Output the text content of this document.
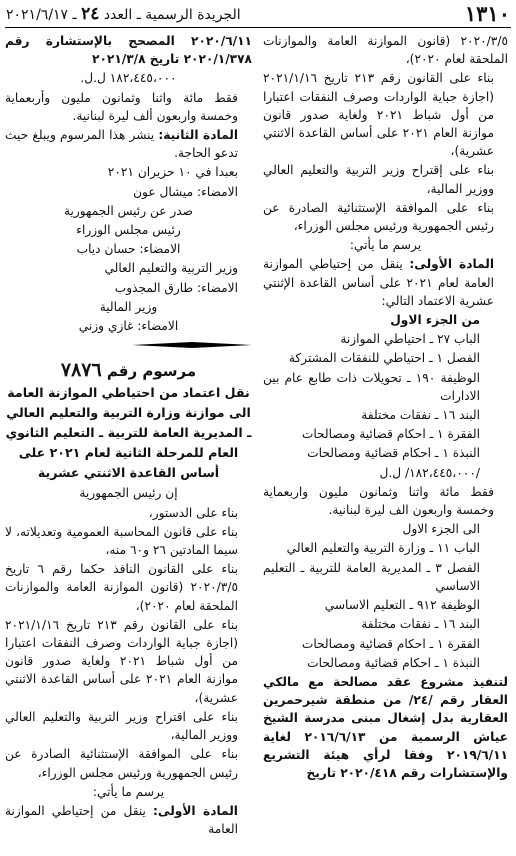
١٣١٠
الجريدة الرسمية ـ العدد ٢٤ ـ ٢٠٢١/٦/١٧

٢٠٢٠/٣/٥ (قانون الموازنة العامة والموازنات الملحقة لعام ٢٠٢٠)،

بناء على القانون رقم ٢١٣ تاريخ ٢٠٢١/١/١٦ (اجازة جباية الواردات وصرف النفقات اعتبارا من أول شباط ٢٠٢١ ولغاية صدور قانون موازنة العام ٢٠٢١ على أساس القاعدة الاثنتي عشرية)،

بناء على إقتراح وزير التربية والتعليم العالي ووزير المالية،

بناء على الموافقة الإستثنائية الصادرة عن رئيس الجمهورية ورئيس مجلس الوزراء،

يرسم ما يأتي:

المادة الأولى: ينقل من إحتياطي الموازنة العامة لعام ٢٠٢١ على أساس القاعدة الإثنتي عشرية الاعتماد التالي:

من الجزء الاول

الباب ٢٧ ـ احتياطي الموازنة

الفصل ١ ـ احتياطي للنفقات المشتركة

الوظيفة ١٩٠ ـ تحويلات ذات طابع عام بين الادارات

البند ١٦ ـ نفقات مختلفة

الفقرة ١ ـ احكام قضائية ومصالحات

النبذة ١ ـ احكام قضائية ومصالحات

/١٨٢،٤٤٥،٠٠٠/ ل.ل

فقط مائة واثنا وثمانون مليون واربعماية وخمسة واربعون الف ليرة لبنانية.

الى الجزء الاول

الباب ١١ ـ وزارة التربية والتعليم العالي

الفصل ٣ ـ المديرية العامة للتربية ـ التعليم الاساسي

الوظيفة ٩١٢ ـ التعليم الاساسي

البند ١٦ ـ نفقات مختلفة

الفقرة ١ ـ احكام قضائية ومصالحات

النبذة ١ ـ احكام قضائية ومصالحات

لتنفيذ مشروع عقد مصالحة مع مالكي العقار رقم /٢٤/ من منطقة شيرحمرين العقارية بدل إشغال مبنى مدرسة الشيخ عياش الرسمية من ٢٠١٦/٦/١٣ لغاية ٢٠١٩/٦/١١ وفقا لرأي هيئة التشريع والإستشارات رقم ٢٠٢٠/٤١٨ تاريخ

٢٠٢٠/٦/١١ المصحح بالإستشارة رقم ٢٠٢٠/١/٣٧٨ تاريخ ٢٠٢١/٣/٨

١٨٢،٤٤٥،٠٠٠ ل.ل.

فقط مائة واثنا وثمانون مليون وأربعماية وخمسة واربعون ألف ليرة لبنانية.

المادة الثانية: ينشر هذا المرسوم ويبلغ حيث تدعو الحاجة.

بعبدا في ١٠ حزيران ٢٠٢١

الامضاء: ميشال عون

صدر عن رئيس الجمهورية

رئيس مجلس الوزراء

الامضاء: حسان دياب

وزير التربية والتعليم العالي

الامضاء: طارق المجذوب

وزير المالية

الامضاء: غازي وزني

مرسوم رقم ٧٨٧٦

نقل اعتماد من احتياطي الموازنة العامة الى موازنة وزارة التربية والتعليم العالي ـ المديرية العامة للتربية ـ التعليم الثانوي العام للمرحلة الثانية لعام ٢٠٢١ على أساس القاعدة الاثنتي عشرية

إن رئيس الجمهورية

بناء على الدستور،

بناء على قانون المحاسبة العمومية وتعديلاته، لا سيما المادتين ٢٦ و٦٠ منه،

بناء على القانون النافذ حكما رقم ٦ تاريخ ٢٠٢٠/٣/٥ (قانون الموازنة العامة والموازنات الملحقة لعام ٢٠٢٠)،

بناء على القانون رقم ٢١٣ تاريخ ٢٠٢١/١/١٦ (اجازة جباية الواردات وصرف النفقات اعتبارا من أول شباط ٢٠٢١ ولغاية صدور قانون موازنة العام ٢٠٢١ على أساس القاعدة الاثنتي عشرية)،

بناء على اقتراح وزير التربية والتعليم العالي ووزير المالية،

بناء على الموافقة الإستثنائية الصادرة عن رئيس الجمهورية ورئيس مجلس الوزراء،

يرسم ما يأتي:

المادة الأولى: ينقل من إحتياطي الموازنة العامة
